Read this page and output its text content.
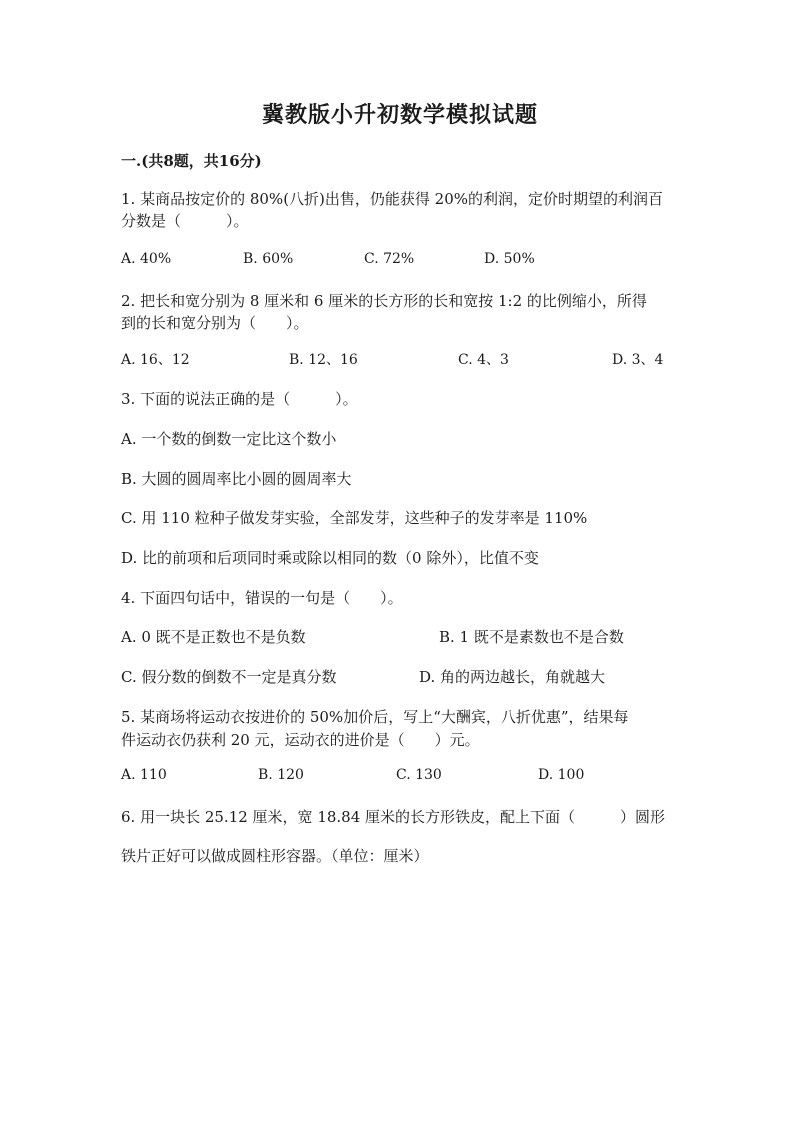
冀教版小升初数学模拟试题
一.(共8题，共16分)
1. 某商品按定价的 80%(八折)出售，仍能获得 20%的利润，定价时期望的利润百
分数是（　　　）。
A. 40%	B. 60%	C. 72%	D. 50%
2. 把长和宽分别为 8 厘米和 6 厘米的长方形的长和宽按 1:2 的比例缩小，所得
到的长和宽分别为（　　）。
A. 16、12	B. 12、16	C. 4、3	D. 3、4
3. 下面的说法正确的是（　　　）。
A. 一个数的倒数一定比这个数小
B. 大圆的圆周率比小圆的圆周率大
C. 用 110 粒种子做发芽实验，全部发芽，这些种子的发芽率是 110%
D. 比的前项和后项同时乘或除以相同的数（0 除外），比值不变
4. 下面四句话中，错误的一句是（　　）。
A. 0 既不是正数也不是负数	B. 1 既不是素数也不是合数
C. 假分数的倒数不一定是真分数	D. 角的两边越长，角就越大
5. 某商场将运动衣按进价的 50%加价后，写上“大酬宾，八折优惠”，结果每
件运动衣仍获利 20 元，运动衣的进价是（　　）元。
A. 110	B. 120	C. 130	D. 100
6. 用一块长 25.12 厘米，宽 18.84 厘米的长方形铁皮，配上下面（　　　）圆形
铁片正好可以做成圆柱形容器。（单位：厘米）
